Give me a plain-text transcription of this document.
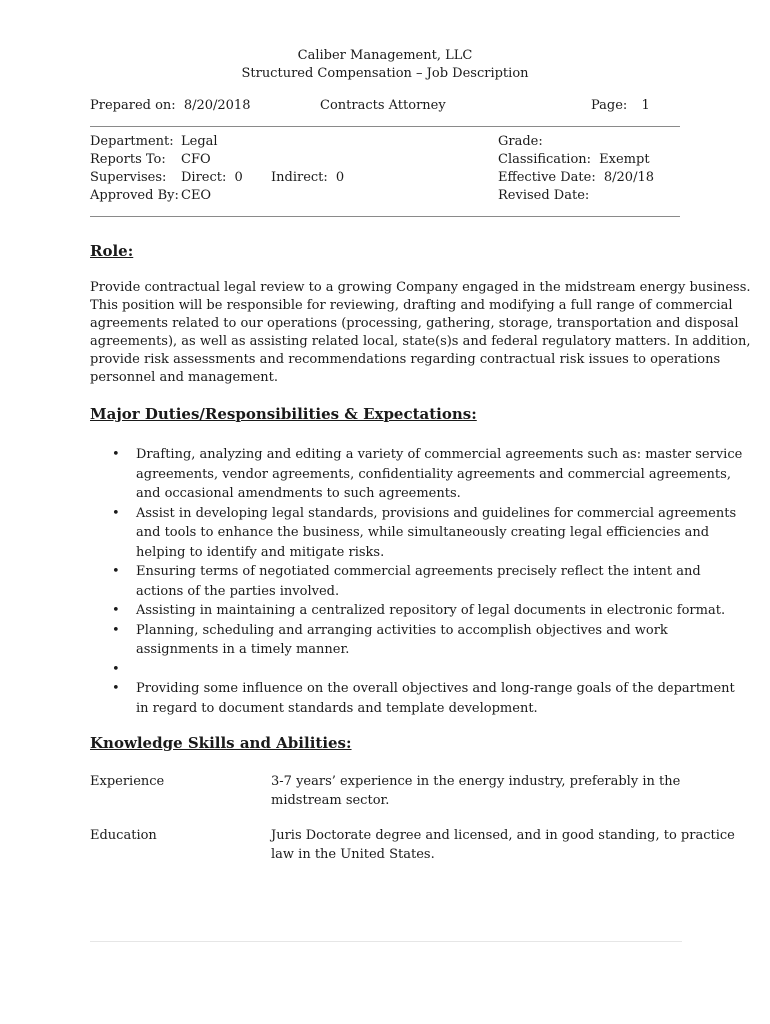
Caliber Management, LLC
Structured Compensation – Job Description
Prepared on: 8/20/2018	Contracts Attorney	Page: 1
Department: Legal
Reports To: CFO
Supervises: Direct: 0 Indirect: 0
Approved By: CEO
Grade:
Classification: Exempt
Effective Date: 8/20/18
Revised Date:
Role:
Provide contractual legal review to a growing Company engaged in the midstream energy business.
This position will be responsible for reviewing, drafting and modifying a full range of commercial
agreements related to our operations (processing, gathering, storage, transportation and disposal
agreements), as well as assisting related local, state(s)s and federal regulatory matters. In addition,
provide risk assessments and recommendations regarding contractual risk issues to operations
personnel and management.
Major Duties/Responsibilities & Expectations:
• Drafting, analyzing and editing a variety of commercial agreements such as: master service
agreements, vendor agreements, confidentiality agreements and commercial agreements,
and occasional amendments to such agreements.
• Assist in developing legal standards, provisions and guidelines for commercial agreements
and tools to enhance the business, while simultaneously creating legal efficiencies and
helping to identify and mitigate risks.
• Ensuring terms of negotiated commercial agreements precisely reflect the intent and
actions of the parties involved.
• Assisting in maintaining a centralized repository of legal documents in electronic format.
• Planning, scheduling and arranging activities to accomplish objectives and work
assignments in a timely manner.
•
• Providing some influence on the overall objectives and long-range goals of the department
in regard to document standards and template development.
Knowledge Skills and Abilities:
Experience	3-7 years’ experience in the energy industry, preferably in the
midstream sector.
Education	Juris Doctorate degree and licensed, and in good standing, to practice
law in the United States.
